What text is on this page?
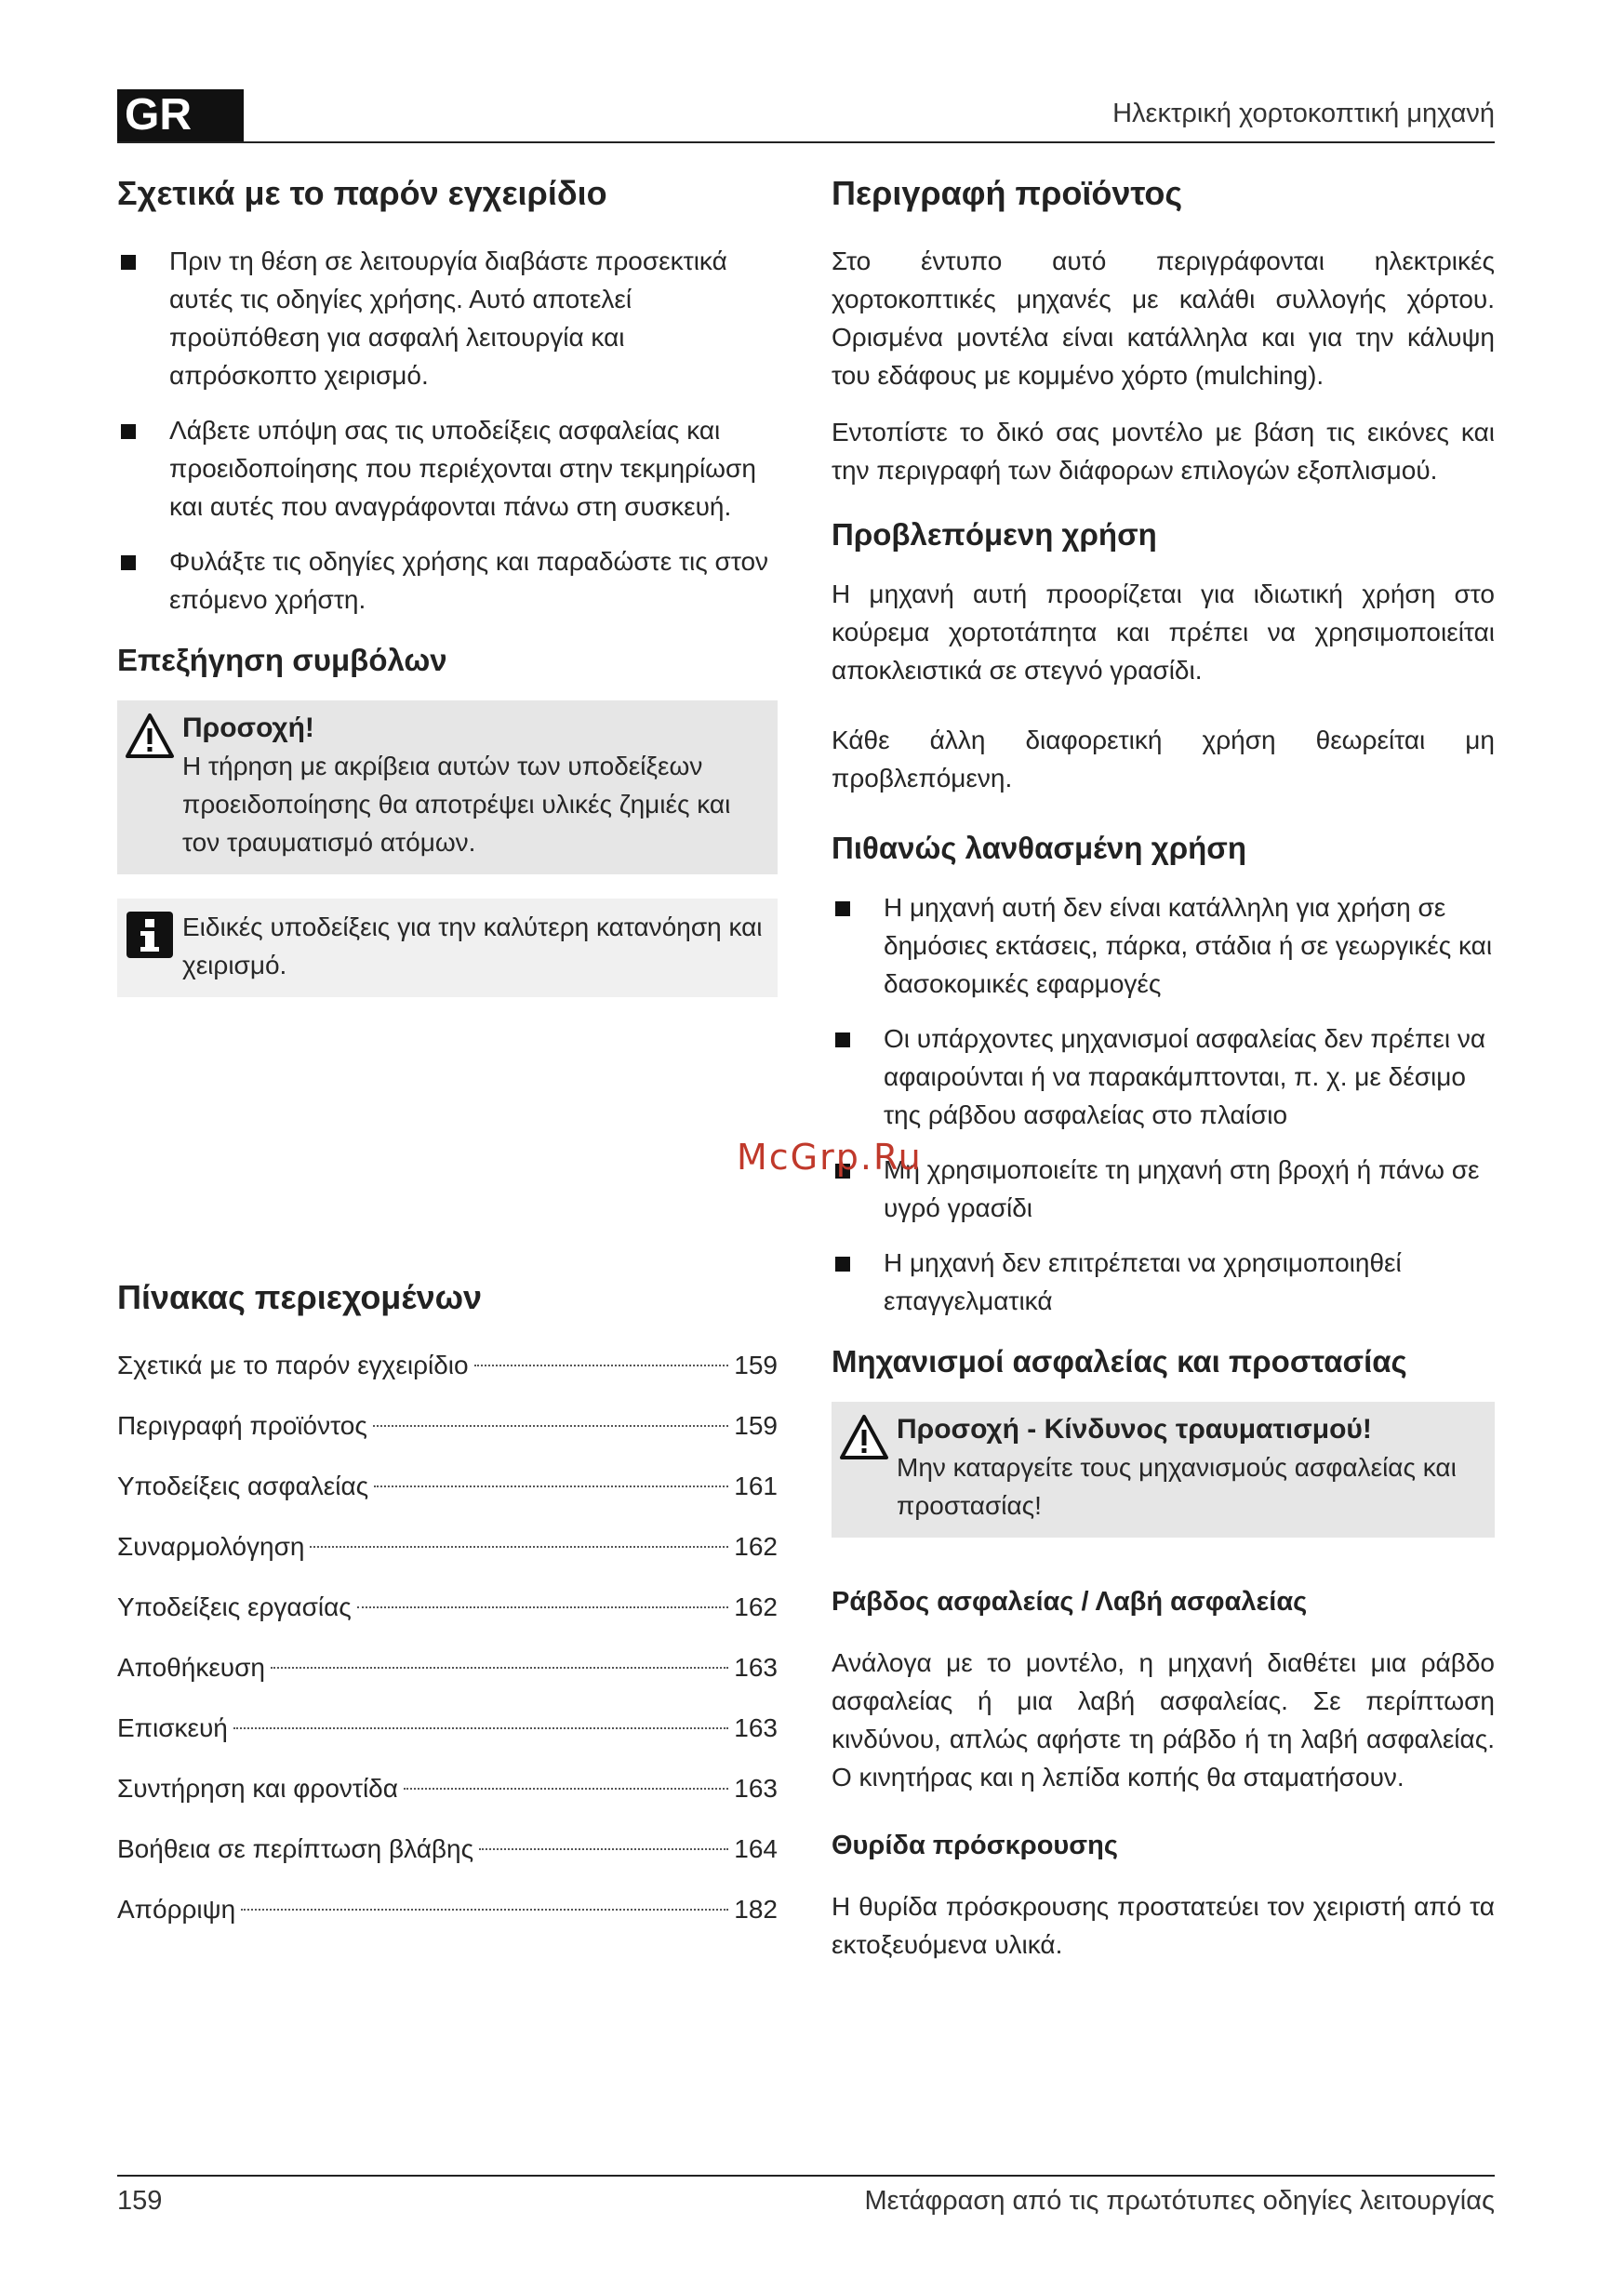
GR	Ηλεκτρική χορτοκοπτική μηχανή
Σχετικά με το παρόν εγχειρίδιο
Πριν τη θέση σε λειτουργία διαβάστε προσεκτικά αυτές τις οδηγίες χρήσης. Αυτό αποτελεί προϋπόθεση για ασφαλή λειτουργία και απρόσκοπτο χειρισμό.
Λάβετε υπόψη σας τις υποδείξεις ασφαλείας και προειδοποίησης που περιέχονται στην τεκμηρίωση και αυτές που αναγράφονται πάνω στη συσκευή.
Φυλάξτε τις οδηγίες χρήσης και παραδώστε τις στον επόμενο χρήστη.
Επεξήγηση συμβόλων
Προσοχή!
Η τήρηση με ακρίβεια αυτών των υποδείξεων προειδοποίησης θα αποτρέψει υλικές ζημιές και τον τραυματισμό ατόμων.
Ειδικές υποδείξεις για την καλύτερη κατανόηση και χειρισμό.
Πίνακας περιεχομένων
Σχετικά με το παρόν εγχειρίδιο	159
Περιγραφή προϊόντος	159
Υποδείξεις ασφαλείας	161
Συναρμολόγηση	162
Υποδείξεις εργασίας	162
Αποθήκευση	163
Επισκευή	163
Συντήρηση και φροντίδα	163
Βοήθεια σε περίπτωση βλάβης	164
Απόρριψη	182
Περιγραφή προϊόντος

Στο έντυπο αυτό περιγράφονται ηλεκτρικές χορτοκοπτικές μηχανές με καλάθι συλλογής χόρτου. Ορισμένα μοντέλα είναι κατάλληλα και για την κάλυψη του εδάφους με κομμένο χόρτο (mulching).

Εντοπίστε το δικό σας μοντέλο με βάση τις εικόνες και την περιγραφή των διάφορων επιλογών εξοπλισμού.

Προβλεπόμενη χρήση

Η μηχανή αυτή προορίζεται για ιδιωτική χρήση στο κούρεμα χορτοτάπητα και πρέπει να χρησιμοποιείται αποκλειστικά σε στεγνό γρασίδι.

Κάθε άλλη διαφορετική χρήση θεωρείται μη προβλεπόμενη.

Πιθανώς λανθασμένη χρήση
Η μηχανή αυτή δεν είναι κατάλληλη για χρήση σε δημόσιες εκτάσεις, πάρκα, στάδια ή σε γεωργικές και δασοκομικές εφαρμογές
Οι υπάρχοντες μηχανισμοί ασφαλείας δεν πρέπει να αφαιρούνται ή να παρακάμπτονται, π. χ. με δέσιμο της ράβδου ασφαλείας στο πλαίσιο
Μη χρησιμοποιείτε τη μηχανή στη βροχή ή πάνω σε υγρό γρασίδι
Η μηχανή δεν επιτρέπεται να χρησιμοποιηθεί επαγγελματικά
Μηχανισμοί ασφαλείας και προστασίας
Προσοχή - Κίνδυνος τραυματισμού!
Μην καταργείτε τους μηχανισμούς ασφαλείας και προστασίας!
Ράβδος ασφαλείας / Λαβή ασφαλείας

Ανάλογα με το μοντέλο, η μηχανή διαθέτει μια ράβδο ασφαλείας ή μια λαβή ασφαλείας. Σε περίπτωση κινδύνου, απλώς αφήστε τη ράβδο ή τη λαβή ασφαλείας. Ο κινητήρας και η λεπίδα κοπής θα σταματήσουν.

Θυρίδα πρόσκρουσης

Η θυρίδα πρόσκρουσης προστατεύει τον χειριστή από τα εκτοξευόμενα υλικά.

McGrp.Ru
159	Μετάφραση από τις πρωτότυπες οδηγίες λειτουργίας
